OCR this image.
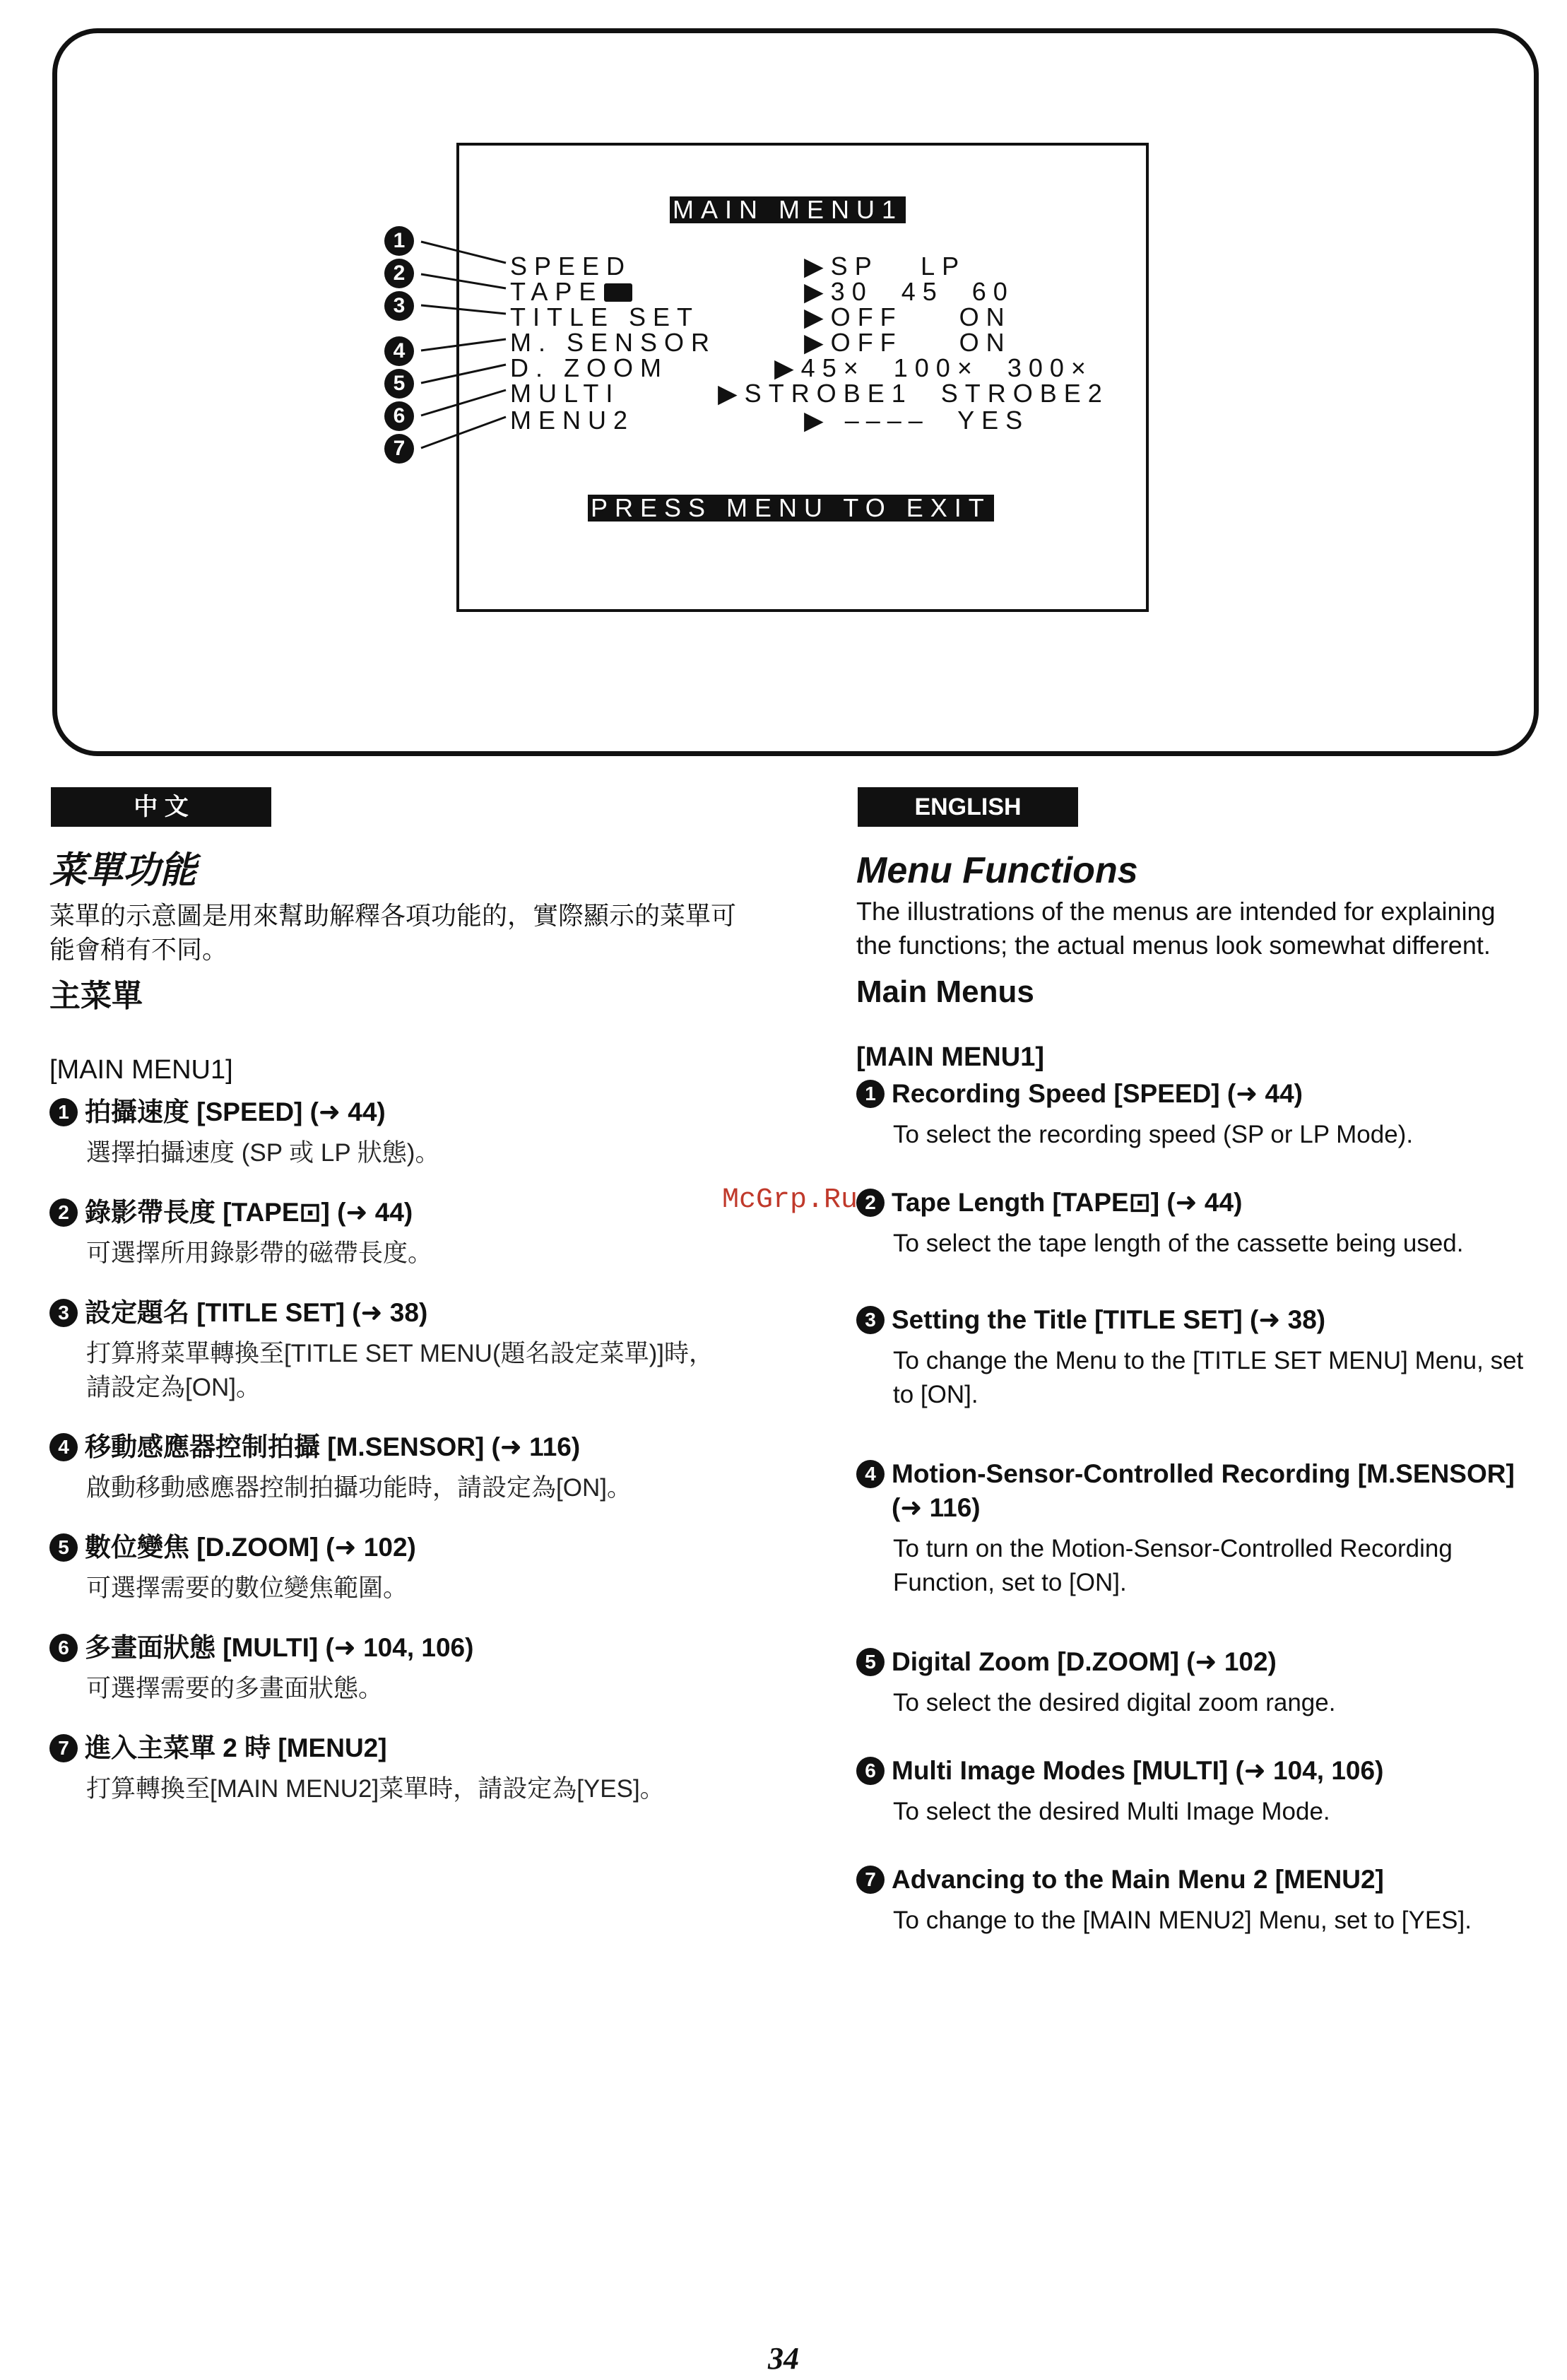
1
2
3
4
5
6
7
MAIN MENU1
SPEED	▶SP   LP
TAPE	▶30  45  60
TITLE SET	▶OFF    ON
M. SENSOR	▶OFF    ON
D. ZOOM	▶45×  100×  300×
MULTI	▶STROBE1  STROBE2
MENU2	▶ ––––  YES
PRESS MENU TO EXIT
中 文	ENGLISH
菜單功能

菜單的示意圖是用來幫助解釋各項功能的，實際顯示的菜單可能會稍有不同。

主菜單

[MAIN MENU1]

1 拍攝速度 [SPEED] (➜ 44)
選擇拍攝速度 (SP 或 LP 狀態)。
2 錄影帶長度 [TAPE⊡] (➜ 44)
可選擇所用錄影帶的磁帶長度。
3 設定題名 [TITLE SET] (➜ 38)
打算將菜單轉換至[TITLE SET MENU(題名設定菜單)]時，請設定為[ON]。
4 移動感應器控制拍攝 [M.SENSOR] (➜ 116)
啟動移動感應器控制拍攝功能時，請設定為[ON]。
5 數位變焦 [D.ZOOM] (➜ 102)
可選擇需要的數位變焦範圍。
6 多畫面狀態 [MULTI] (➜ 104, 106)
可選擇需要的多畫面狀態。
7 進入主菜單 2 時 [MENU2]
打算轉換至[MAIN MENU2]菜單時，請設定為[YES]。
Menu Functions

The illustrations of the menus are intended for explaining the functions; the actual menus look somewhat different.

Main Menus

[MAIN MENU1]

1 Recording Speed [SPEED] (➜ 44)
To select the recording speed (SP or LP Mode).
2 Tape Length [TAPE⊡] (➜ 44)
To select the tape length of the cassette being used.
3 Setting the Title [TITLE SET] (➜ 38)
To change the Menu to the [TITLE SET MENU] Menu, set to [ON].
4 Motion-Sensor-Controlled Recording [M.SENSOR] (➜ 116)
To turn on the Motion-Sensor-Controlled Recording Function, set to [ON].
5 Digital Zoom [D.ZOOM] (➜ 102)
To select the desired digital zoom range.
6 Multi Image Modes [MULTI] (➜ 104, 106)
To select the desired Multi Image Mode.
7 Advancing to the Main Menu 2 [MENU2]
To change to the [MAIN MENU2] Menu, set to [YES].
McGrp.Ru
34
